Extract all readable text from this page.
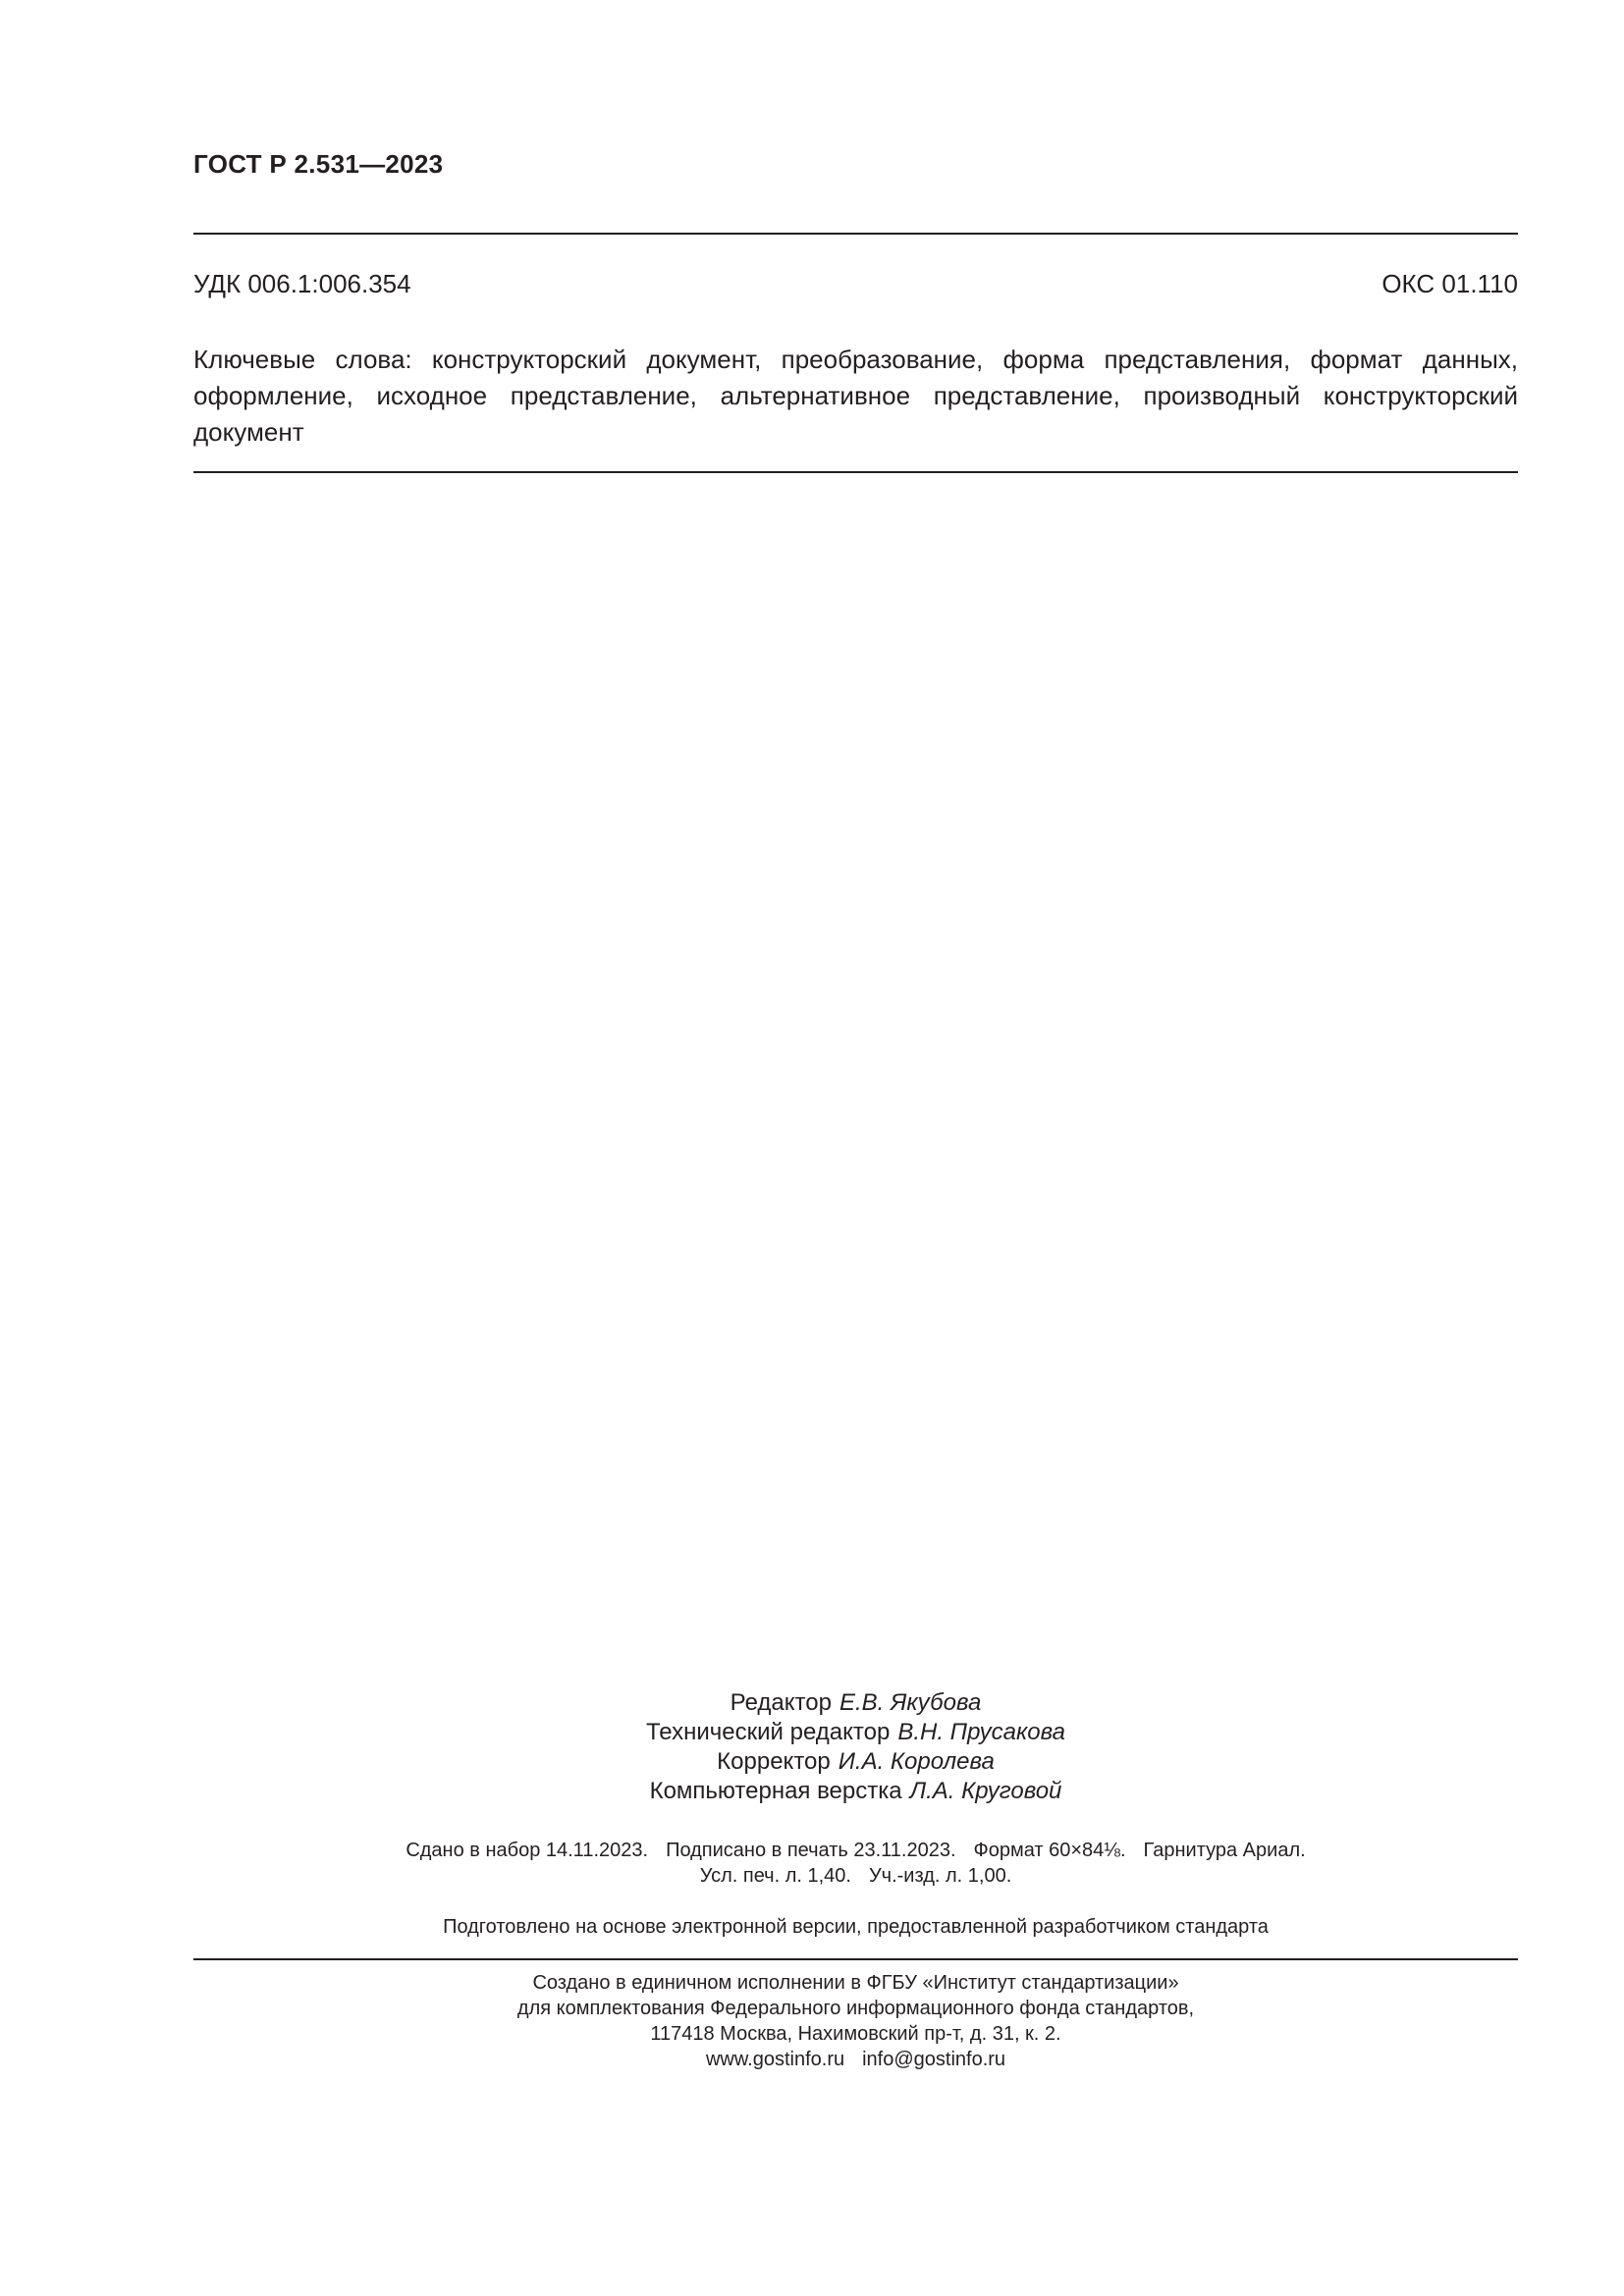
ГОСТ Р 2.531—2023
УДК 006.1:006.354	ОКС 01.110
Ключевые слова: конструкторский документ, преобразование, форма представления, формат данных, оформление, исходное представление, альтернативное представление, производный конструкторский документ
Редактор Е.В. Якубова
Технический редактор В.Н. Прусакова
Корректор И.А. Королева
Компьютерная верстка Л.А. Круговой
Сдано в набор 14.11.2023. Подписано в печать 23.11.2023. Формат 60×84⅛. Гарнитура Ариал.
Усл. печ. л. 1,40. Уч.-изд. л. 1,00.
Подготовлено на основе электронной версии, предоставленной разработчиком стандарта
Создано в единичном исполнении в ФГБУ «Институт стандартизации»
для комплектования Федерального информационного фонда стандартов,
117418 Москва, Нахимовский пр-т, д. 31, к. 2.
www.gostinfo.ru info@gostinfo.ru
